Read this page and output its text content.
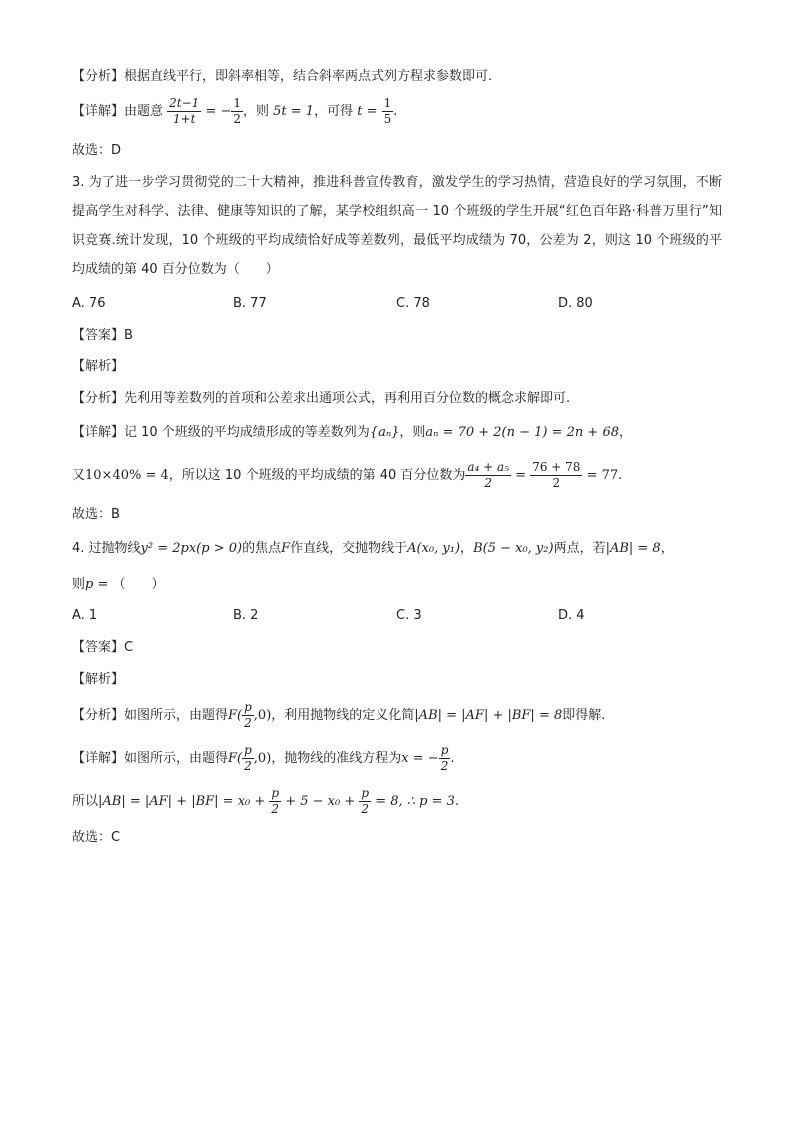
【分析】根据直线平行，即斜率相等，结合斜率两点式列方程求参数即可.
【详解】由题意 $\frac{2t-1}{1+t}$ = − $\frac{1}{2}$ ，则 5t = 1，可得 $t = \frac{1}{5}$ .
故选：D
3. 为了进一步学习贯彻党的二十大精神，推进科普宣传教育，激发学生的学习热情，营造良好的学习氛围，不断提高学生对科学、法律、健康等知识的了解，某学校组织高一 10 个班级的学生开展“红色百年路·科普万里行”知识竞赛.统计发现，10 个班级的平均成绩恰好成等差数列，最低平均成绩为 70，公差为 2，则这 10 个班级的平均成绩的第 40 百分位数为（　　）
A. 76	B. 77	C. 78	D. 80
【答案】B
【解析】
【分析】先利用等差数列的首项和公差求出通项公式，再利用百分位数的概念求解即可.
【详解】记 10 个班级的平均成绩形成的等差数列为{aₙ}，则aₙ = 70 + 2(n − 1) = 2n + 68，
又10×40% = 4，所以这 10 个班级的平均成绩的第 40 百分位数为 $\frac{\text{a₄ + a₅}}{2} = \frac{76 + 78}{2} = 77$.
故选：B
4. 过抛物线y² = 2px(p > 0)的焦点F作直线，交抛物线于A(x₀, y₁)，B(5 − x₀, y₂)两点，若|AB| = 8，
则p = （　　）
A. 1	B. 2	C. 3	D. 4
【答案】C
【解析】
【分析】如图所示，由题得$F( \frac{p}{2} ,0)$，利用抛物线的定义化简|AB| = |AF| + |BF| = 8即得解.
【详解】如图所示，由题得$F( \frac{p}{2} ,0)$，抛物线的准线方程为x = − $\frac{p}{2}$ .
所以$|AB| = |AF| + |BF| = x_0 + \frac{p}{2} + 5 - x_0 + \frac{p}{2} = 8$, ∴ p = 3.
故选：C
